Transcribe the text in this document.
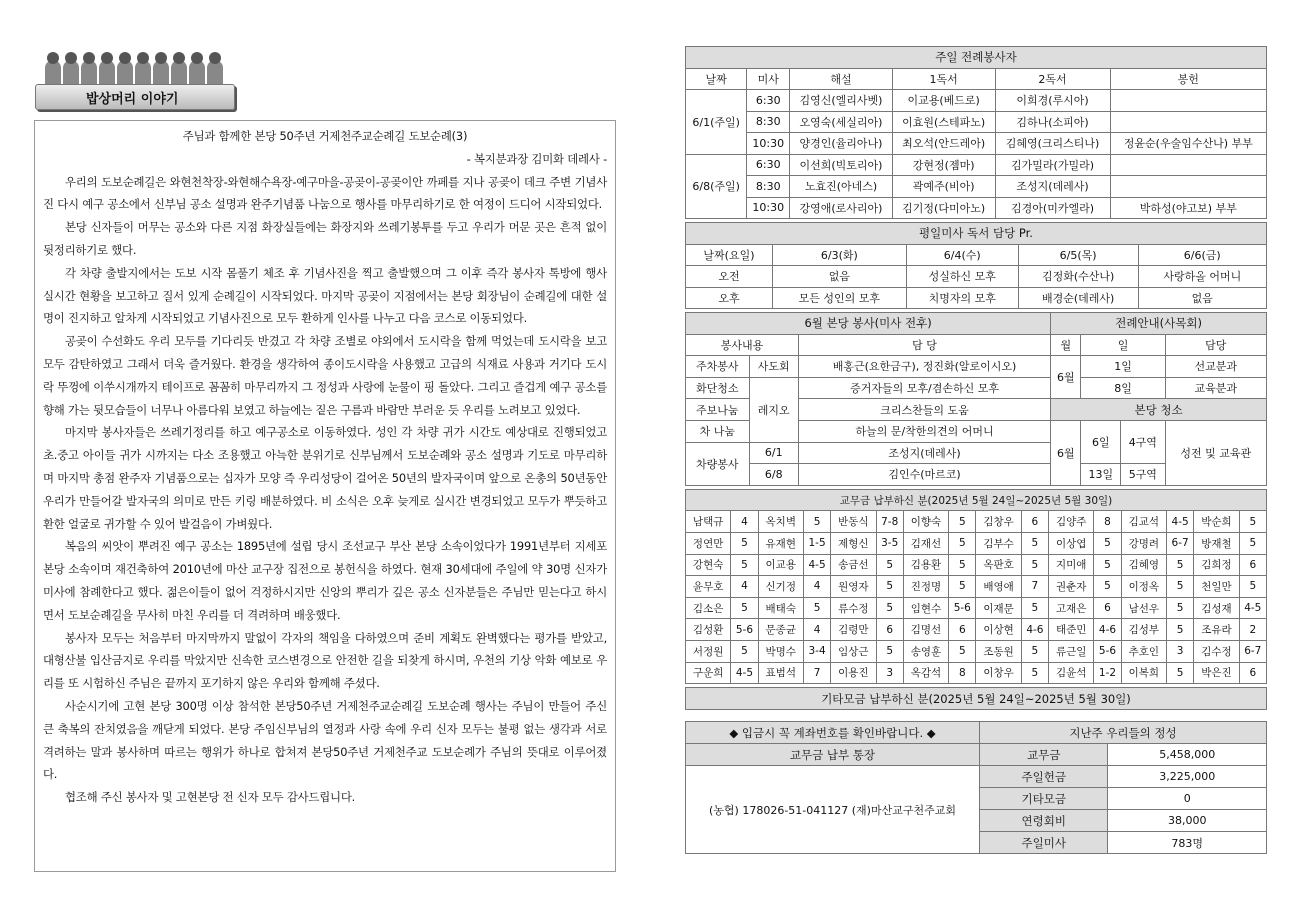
밥상머리 이야기

주님과 함께한 본당 50주년 거제천주교순례길 도보순례(3)

- 복지분과장 김미화 데레사 -

우리의 도보순례길은 와현천착장-와현해수욕장-예구마을-공곶이-공곶이안 까페를 지나 공곶이 데크 주변 기념사진 다시 예구 공소에서 신부님 공소 설명과 완주기념품 나눔으로 행사를 마무리하기로 한 여정이 드디어 시작되었다.

본당 신자들이 머무는 공소와 다른 지점 화장실들에는 화장지와 쓰레기봉투를 두고 우리가 머문 곳은 흔적 없이 뒷정리하기로 했다.

각 차량 출발지에서는 도보 시작 몸풀기 체조 후 기념사진을 찍고 출발했으며 그 이후 즉각 봉사자 톡방에 행사 실시간 현황을 보고하고 질서 있게 순례길이 시작되었다. 마지막 공곶이 지점에서는 본당 회장님이 순례길에 대한 설명이 진지하고 알차게 시작되었고 기념사진으로 모두 환하게 인사를 나누고 다음 코스로 이동되었다.

공곶이 수선화도 우리 모두를 기다리듯 반겼고 각 차량 조별로 야외에서 도시락을 함께 먹었는데 도시락을 보고 모두 감탄하였고 그래서 더욱 즐거웠다. 환경을 생각하여 종이도시락을 사용했고 고급의 식재료 사용과 거기다 도시락 뚜껑에 이쑤시개까지 테이프로 꼼꼼히 마무리까지 그 정성과 사랑에 눈물이 핑 돌았다. 그리고 즐겁게 예구 공소를 향해 가는 뒷모습들이 너무나 아름다워 보였고 하늘에는 짙은 구름과 바람만 부러운 듯 우리를 노려보고 있었다.

마지막 봉사자들은 쓰레기정리를 하고 예구공소로 이동하였다. 성인 각 차량 귀가 시간도 예상대로 진행되었고 초.중고 아이들 귀가 시까지는 다소 조용했고 아늑한 분위기로 신부님께서 도보순례와 공소 설명과 기도로 마무리하며 마지막 총점 완주자 기념품으로는 십자가 모양 즉 우리성당이 걸어온 50년의 발자국이며 앞으로 온총의 50년동안 우리가 만들어갈 발자국의 의미로 만든 키링 배분하였다. 비 소식은 오후 늦게로 실시간 변경되었고 모두가 뿌듯하고 환한 얼굴로 귀가할 수 있어 발걸음이 가벼웠다.

복음의 씨앗이 뿌려진 예구 공소는 1895년에 설립 당시 조선교구 부산 본당 소속이었다가 1991년부터 지세포 본당 소속이며 재건축하여 2010년에 마산 교구장 집전으로 봉헌식을 하였다. 현재 30세대에 주일에 약 30명 신자가 미사에 참례한다고 했다. 젊은이들이 없어 걱정하시지만 신앙의 뿌리가 깊은 공소 신자분들은 주님만 믿는다고 하시면서 도보순례길을 무사히 마친 우리를 더 격려하며 배웅했다.

봉사자 모두는 처음부터 마지막까지 말없이 각자의 책임을 다하였으며 준비 계획도 완벽했다는 평가를 받았고, 대형산불 입산금지로 우리를 막았지만 신속한 코스변경으로 안전한 길을 되찾게 하시며, 우천의 기상 악화 예보로 우리를 또 시험하신 주님은 끝까지 포기하지 않은 우리와 함께해 주셨다.

사순시기에 고현 본당 300명 이상 참석한 본당50주년 거제천주교순례길 도보순례 행사는 주님이 만들어 주신 큰 축복의 잔치였음을 깨닫게 되었다. 본당 주임신부님의 열정과 사랑 속에 우리 신자 모두는 불평 없는 생각과 서로 격려하는 말과 봉사하며 따르는 행위가 하나로 합쳐져 본당50주년 거제천주교 도보순례가 주님의 뜻대로 이루어졌다.

협조해 주신 봉사자 및 고현본당 전 신자 모두 감사드립니다.

주일 전례봉사자					
날짜	미사	해설	1독서	2독서	봉헌
6/1(주일)	6:30	김영신(엘리사벳)	이교용(베드로)	이희경(루시아)	
	8:30	오영숙(세실리아)	이효원(스테파노)	김하나(소피아)	
	10:30	양경인(율리아나)	최오석(안드레아)	김혜영(크리스티나)	정윤순(우술임수산나) 부부
6/8(주일)	6:30	이선희(빅토리아)	강현정(젬마)	김가밀라(가밀라)	
	8:30	노효진(아네스)	곽예주(비아)	조성지(데레사)	
	10:30	강영애(로사리아)	김기정(다미아노)	김경아(미카엘라)	박하성(야고보) 부부
평일미사 독서 담당 Pr.				
날짜(요일)	6/3(화)	6/4(수)	6/5(목)	6/6(금)
오전	없음	성실하신 모후	김정화(수산나)	사랑하올 어머니
오후	모든 성인의 모후	치명자의 모후	배경순(데레사)	없음
6월 본당 봉사(미사 전후)			전례안내(사목회)			
봉사내용		담 당	월	일		담당
주차봉사	사도회	배홍근(요한금구), 정진화(알로이시오)	6월	1일		선교분과
화단청소	레지오	증거자들의 모후/겸손하신 모후		8일		교육분과
주보나눔		크리스찬들의 도움	본당 청소			
차 나눔		하늘의 문/착한의견의 어머니	6월	6일	4구역	성전 및 교육관
차량봉사	6/1	조성지(데레사)				
	6/8	김인수(마르코)		13일	5구역	
교무금 납부하신 분(2025년 5월 24일~2025년 5월 30일)															
남택규	4	옥치벽	5	반동식	7-8	이향숙	5	김창우	6	김양주	8	김교석	4-5	박순희	5
정연만	5	유재현	1-5	제형신	3-5	김재선	5	김부수	5	이상엽	5	강명려	6-7	방재철	5
강현숙	5	이교용	4-5	송금선	5	김용환	5	옥판호	5	지미애	5	김혜영	5	김희정	6
윤무호	4	신기정	4	원영자	5	진정명	5	배영애	7	권춘자	5	이정옥	5	천일만	5
김소은	5	배태숙	5	류수정	5	임현수	5-6	이재문	5	고재은	6	남선우	5	김성재	4-5
김성환	5-6	문종균	4	김령만	6	김명선	6	이상현	4-6	태준민	4-6	김성부	5	조유라	2
서정원	5	박명수	3-4	임상근	5	송영훈	5	조동원	5	류근일	5-6	추호인	3	김수정	6-7
구운희	4-5	표범석	7	이용진	3	옥감석	8	이창우	5	김윤석	1-2	이복희	5	박은진	6
기타모금 납부하신 분(2025년 5월 24일~2025년 5월 30일)		

◆ 입금시 꼭 계좌번호를 확인바랍니다. ◆	지난주 우리들의 정성	
교무금 납부 통장	교무금	5,458,000
(농협) 178026-51-041127 (재)마산교구천주교회	주일헌금	3,225,000
	기타모금	0
	연령회비	38,000
	주일미사	783명
